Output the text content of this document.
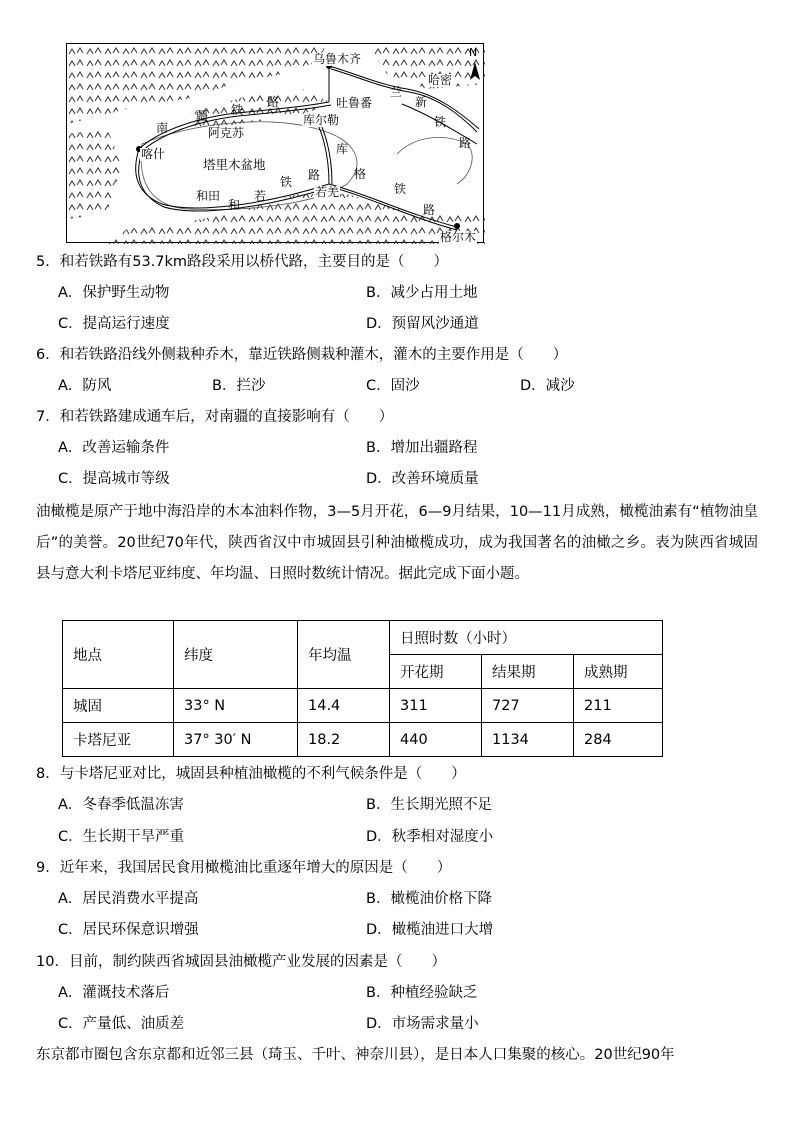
N
乌鲁木齐
哈密
吐鲁番
库尔勒
阿克苏
喀什
和田	若羌
格尔木
塔里木盆地
南
疆 铁
路
和
若
铁 路
库
格
铁
路
兰
新
铁
路
5．和若铁路有53.7km路段采用以桥代路，主要目的是（　　）
A．保护野生动物	B．减少占用土地
C．提高运行速度	D．预留风沙通道
6．和若铁路沿线外侧栽种乔木，靠近铁路侧栽种灌木，灌木的主要作用是（　　）
A．防风	B．拦沙	C．固沙	D．减沙
7．和若铁路建成通车后，对南疆的直接影响有（　　）
A．改善运输条件	B．增加出疆路程
C．提高城市等级	D．改善环境质量
油橄榄是原产于地中海沿岸的木本油料作物，3—5月开花，6—9月结果，10—11月成熟，橄榄油素有“植物油皇后”的美誉。20世纪70年代，陕西省汉中市城固县引种油橄榄成功，成为我国著名的油橄之乡。表为陕西省城固县与意大利卡塔尼亚纬度、年均温、日照时数统计情况。据此完成下面小题。
地点	纬度	年均温	日照时数（小时）		
			开花期	结果期	成熟期
城固	33° N	14.4	311	727	211
卡塔尼亚	37° 30′ N	18.2	440	1134	284
8．与卡塔尼亚对比，城固县种植油橄榄的不利气候条件是（　　）
A．冬春季低温冻害	B．生长期光照不足
C．生长期干旱严重	D．秋季相对湿度小
9．近年来，我国居民食用橄榄油比重逐年增大的原因是（　　）
A．居民消费水平提高	B．橄榄油价格下降
C．居民环保意识增强	D．橄榄油进口大增
10．目前，制约陕西省城固县油橄榄产业发展的因素是（　　）
A．灌溉技术落后	B．种植经验缺乏
C．产量低、油质差	D．市场需求量小
东京都市圈包含东京都和近邻三县（琦玉、千叶、神奈川县），是日本人口集聚的核心。20世纪90年
